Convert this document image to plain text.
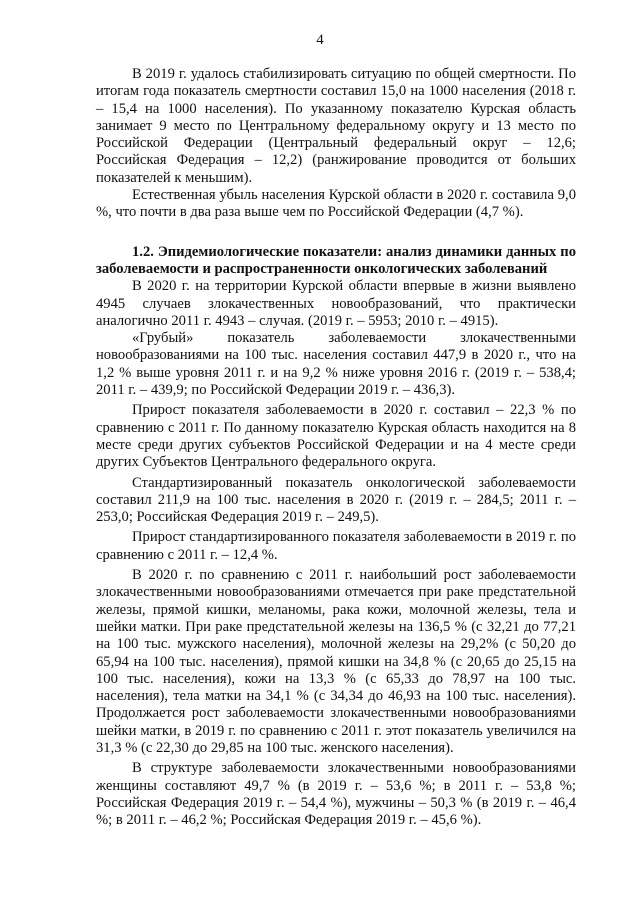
4

В 2019 г. удалось стабилизировать ситуацию по общей смертности. По итогам года показатель смертности составил 15,0 на 1000 населения (2018 г. – 15,4 на 1000 населения). По указанному показателю Курская область занимает 9 место по Центральному федеральному округу и 13 место по Российской Федерации (Центральный федеральный округ – 12,6; Российская Федерация – 12,2) (ранжирование проводится от больших показателей к меньшим).

Естественная убыль населения Курской области в 2020 г. составила 9,0 %, что почти в два раза выше чем по Российской Федерации (4,7 %).

1.2. Эпидемиологические показатели: анализ динамики данных по заболеваемости и распространенности онкологических заболеваний

В 2020 г. на территории Курской области впервые в жизни выявлено 4945 случаев злокачественных новообразований, что практически аналогично 2011 г. 4943 – случая. (2019 г. – 5953; 2010 г. – 4915).

«Грубый» показатель заболеваемости злокачественными новообразованиями на 100 тыс. населения составил 447,9 в 2020 г., что на 1,2 % выше уровня 2011 г. и на 9,2 % ниже уровня 2016 г. (2019 г. – 538,4; 2011 г. – 439,9; по Российской Федерации 2019 г. – 436,3).

Прирост показателя заболеваемости в 2020 г. составил – 22,3 % по сравнению с 2011 г. По данному показателю Курская область находится на 8 месте среди других субъектов Российской Федерации и на 4 месте среди других Субъектов Центрального федерального округа.

Стандартизированный показатель онкологической заболеваемости составил 211,9 на 100 тыс. населения в 2020 г. (2019 г. – 284,5; 2011 г. – 253,0; Российская Федерация 2019 г. – 249,5).

Прирост стандартизированного показателя заболеваемости в 2019 г. по сравнению с 2011 г. – 12,4 %.

В 2020 г. по сравнению с 2011 г. наибольший рост заболеваемости злокачественными новообразованиями отмечается при раке предстательной железы, прямой кишки, меланомы, рака кожи, молочной железы, тела и шейки матки. При раке предстательной железы на 136,5 % (с 32,21 до 77,21 на 100 тыс. мужского населения), молочной железы на 29,2% (с 50,20 до 65,94 на 100 тыс. населения), прямой кишки на 34,8 % (с 20,65 до 25,15 на 100 тыс. населения), кожи на 13,3 % (с 65,33 до 78,97 на 100 тыс. населения), тела матки на 34,1 % (с 34,34 до 46,93 на 100 тыс. населения). Продолжается рост заболеваемости злокачественными новообразованиями шейки матки, в 2019 г. по сравнению с 2011 г. этот показатель увеличился на 31,3 % (с 22,30 до 29,85 на 100 тыс. женского населения).

В структуре заболеваемости злокачественными новообразованиями женщины составляют 49,7 % (в 2019 г. – 53,6 %; в 2011 г. – 53,8 %; Российская Федерация 2019 г. – 54,4 %), мужчины – 50,3 % (в 2019 г. – 46,4 %; в 2011 г. – 46,2 %; Российская Федерация 2019 г. – 45,6 %).
